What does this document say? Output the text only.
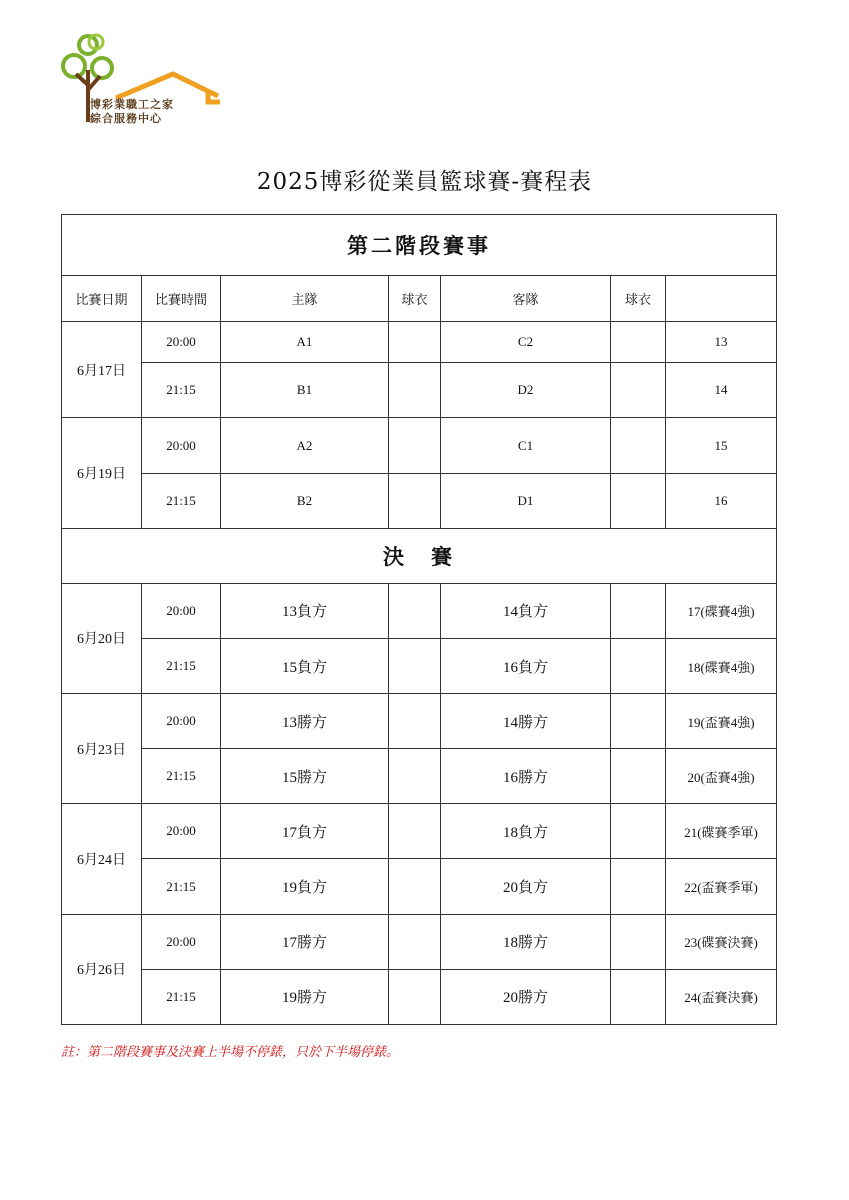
博彩業職工之家
綜合服務中心
2025博彩從業員籃球賽-賽程表
第二階段賽事						
比賽日期	比賽時間	主隊	球衣	客隊	球衣	
6月17日	20:00	A1		C2		13
	21:15	B1		D2		14
6月19日	20:00	A2		C1		15
	21:15	B2		D1		16
決　賽						
6月20日	20:00	13負方		14負方		17(碟賽4強)
	21:15	15負方		16負方		18(碟賽4強)
6月23日	20:00	13勝方		14勝方		19(盃賽4強)
	21:15	15勝方		16勝方		20(盃賽4強)
6月24日	20:00	17負方		18負方		21(碟賽季軍)
	21:15	19負方		20負方		22(盃賽季軍)
6月26日	20:00	17勝方		18勝方		23(碟賽決賽)
	21:15	19勝方		20勝方		24(盃賽決賽)
註：第二階段賽事及決賽上半場不停錶，只於下半場停錶。
